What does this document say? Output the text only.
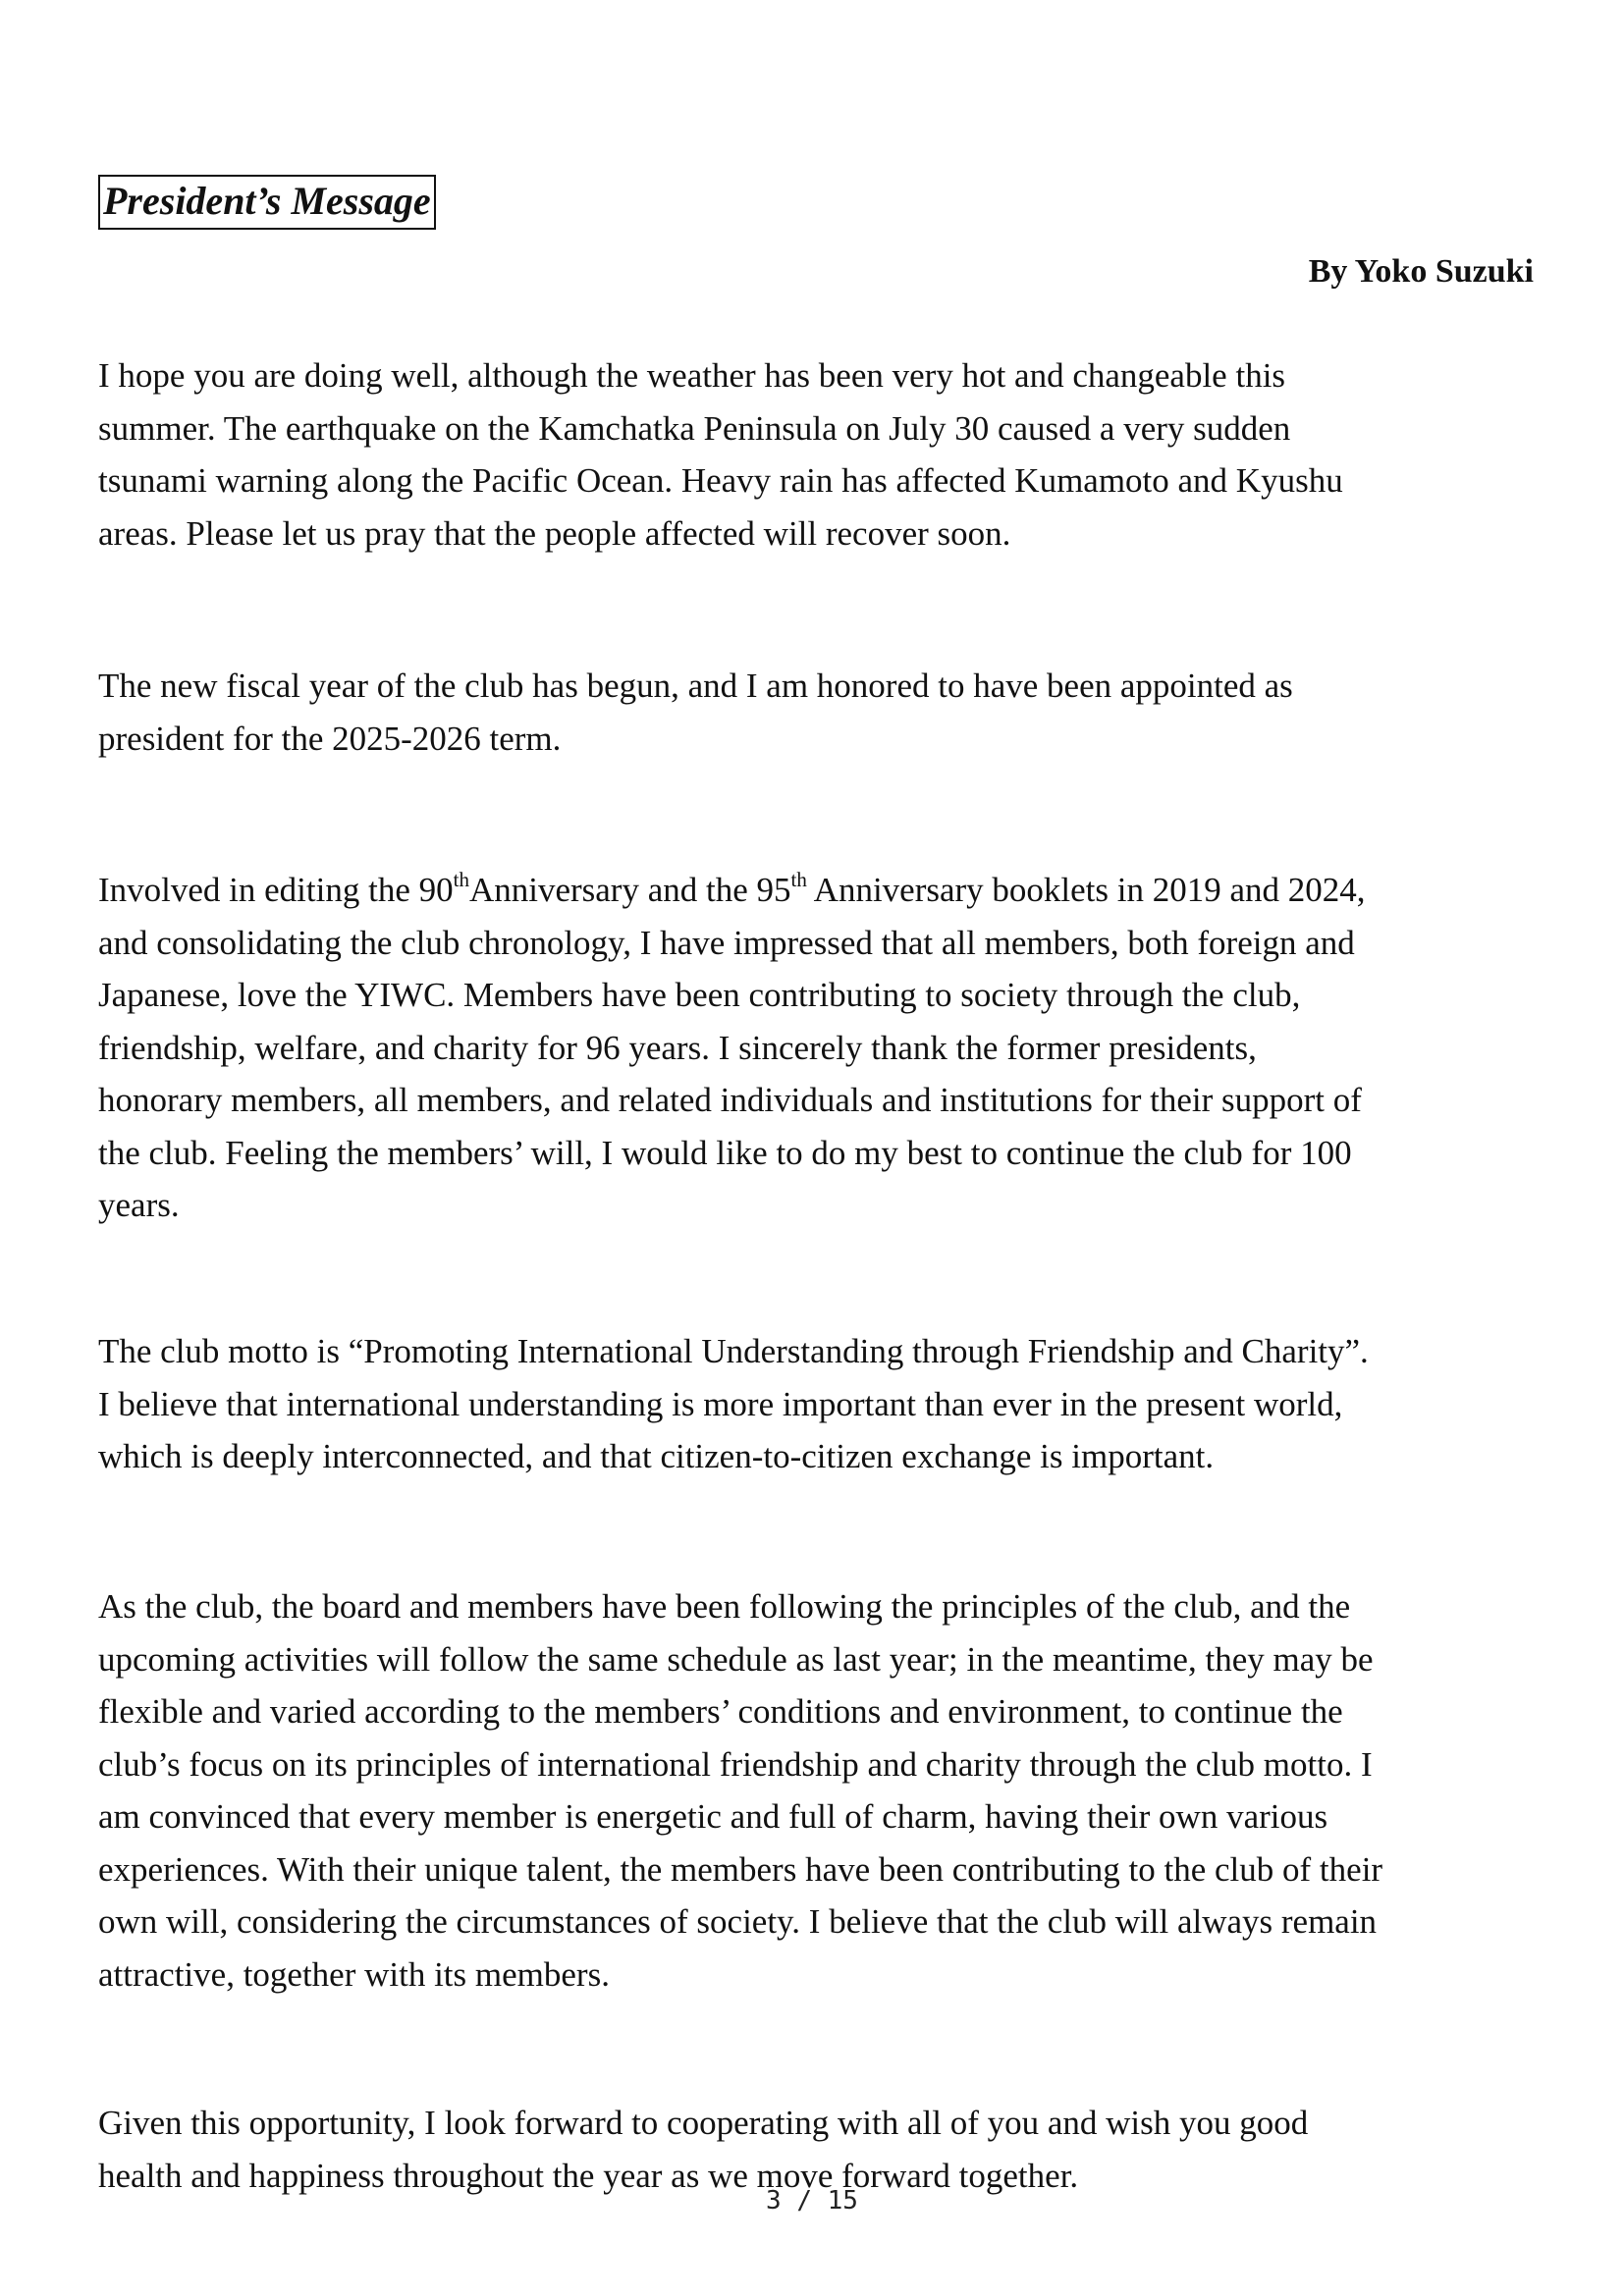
President’s Message
By Yoko Suzuki

I hope you are doing well, although the weather has been very hot and changeable this

summer. The earthquake on the Kamchatka Peninsula on July 30 caused a very sudden

tsunami warning along the Pacific Ocean. Heavy rain has affected Kumamoto and Kyushu

areas. Please let us pray that the people affected will recover soon.

The new fiscal year of the club has begun, and I am honored to have been appointed as

president for the 2025-2026 term.

Involved in editing the 90thAnniversary and the 95th Anniversary booklets in 2019 and 2024,

and consolidating the club chronology, I have impressed that all members, both foreign and

Japanese, love the YIWC. Members have been contributing to society through the club,

friendship, welfare, and charity for 96 years. I sincerely thank the former presidents,

honorary members, all members, and related individuals and institutions for their support of

the club. Feeling the members’ will, I would like to do my best to continue the club for 100

years.

The club motto is “Promoting International Understanding through Friendship and Charity”.

I believe that international understanding is more important than ever in the present world,

which is deeply interconnected, and that citizen-to-citizen exchange is important.

As the club, the board and members have been following the principles of the club, and the

upcoming activities will follow the same schedule as last year; in the meantime, they may be

flexible and varied according to the members’ conditions and environment, to continue the

club’s focus on its principles of international friendship and charity through the club motto. I

am convinced that every member is energetic and full of charm, having their own various

experiences. With their unique talent, the members have been contributing to the club of their

own will, considering the circumstances of society. I believe that the club will always remain

attractive, together with its members.

Given this opportunity, I look forward to cooperating with all of you and wish you good

health and happiness throughout the year as we move forward together.

3 / 15
